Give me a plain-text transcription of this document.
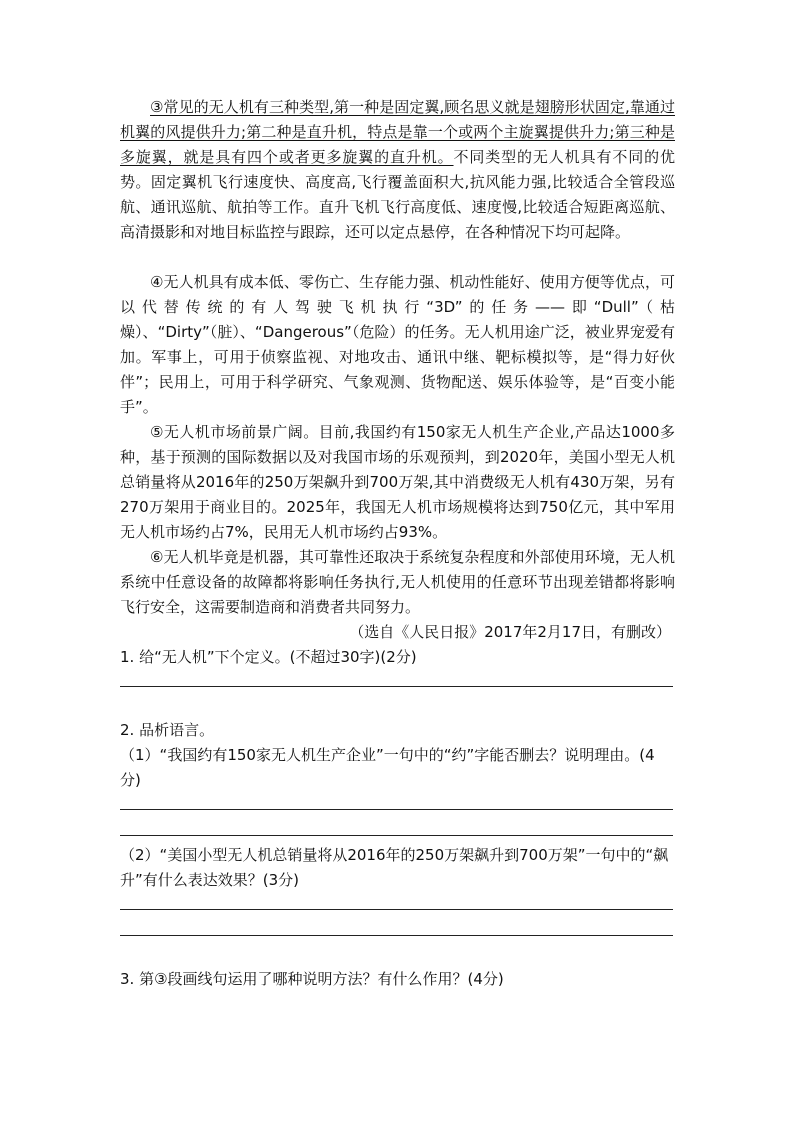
③常见的无人机有三种类型,第一种是固定翼,顾名思义就是翅膀形状固定,靠通过机翼的风提供升力;第二种是直升机，特点是靠一个或两个主旋翼提供升力;第三种是多旋翼，就是具有四个或者更多旋翼的直升机。不同类型的无人机具有不同的优势。固定翼机飞行速度快、高度高,飞行覆盖面积大,抗风能力强,比较适合全管段巡航、通讯巡航、航拍等工作。直升飞机飞行高度低、速度慢,比较适合短距离巡航、高清摄影和对地目标监控与跟踪，还可以定点悬停，在各种情况下均可起降。

④无人机具有成本低、零伤亡、生存能力强、机动性能好、使用方便等优点，可以代替传统的有人驾驶飞机执行“3D”的任务——即“Dull”（枯燥）、“Dirty”（脏）、“Dangerous”（危险）的任务。无人机用途广泛，被业界宠爱有加。军事上，可用于侦察监视、对地攻击、通讯中继、靶标模拟等，是“得力好伙伴”；民用上，可用于科学研究、气象观测、货物配送、娱乐体验等，是“百变小能手”。

⑤无人机市场前景广阔。目前,我国约有150家无人机生产企业,产品达1000多种，基于预测的国际数据以及对我国市场的乐观预判，到2020年，美国小型无人机总销量将从2016年的250万架飙升到700万架,其中消费级无人机有430万架，另有270万架用于商业目的。2025年，我国无人机市场规模将达到750亿元，其中军用无人机市场约占7%，民用无人机市场约占93%。

⑥无人机毕竟是机器，其可靠性还取决于系统复杂程度和外部使用环境，无人机系统中任意设备的故障都将影响任务执行,无人机使用的任意环节出现差错都将影响飞行安全，这需要制造商和消费者共同努力。

（选自《人民日报》2017年2月17日，有删改）

1. 给“无人机”下个定义。(不超过30字)(2分)

2. 品析语言。

（1）“我国约有150家无人机生产企业”一句中的“约”字能否删去？说明理由。(4分)

（2）“美国小型无人机总销量将从2016年的250万架飙升到700万架”一句中的“飙升”有什么表达效果？(3分)

3. 第③段画线句运用了哪种说明方法？有什么作用？(4分)
